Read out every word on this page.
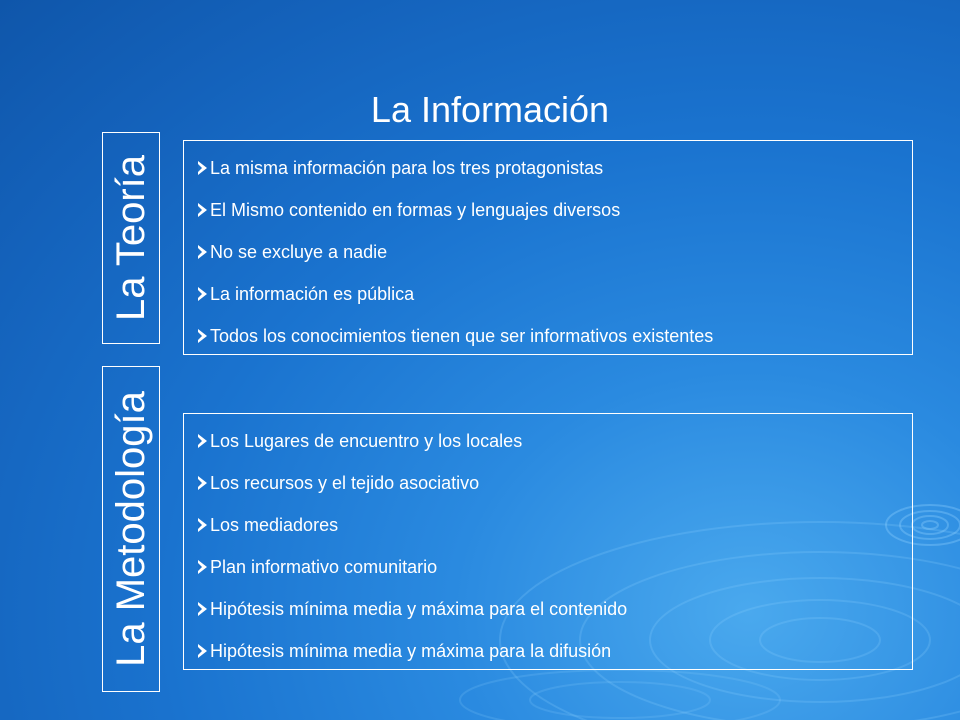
La Información
La Teoría	La misma información para los tres protagonistas
El Mismo contenido en formas y lenguajes diversos
No se excluye a nadie
La información es pública
Todos los conocimientos tienen que ser informativos existentes
La Metodología	Los Lugares de encuentro y los locales
Los recursos y el tejido asociativo
Los mediadores
Plan informativo comunitario
Hipótesis mínima media y máxima para el contenido
Hipótesis mínima media y máxima para la difusión
